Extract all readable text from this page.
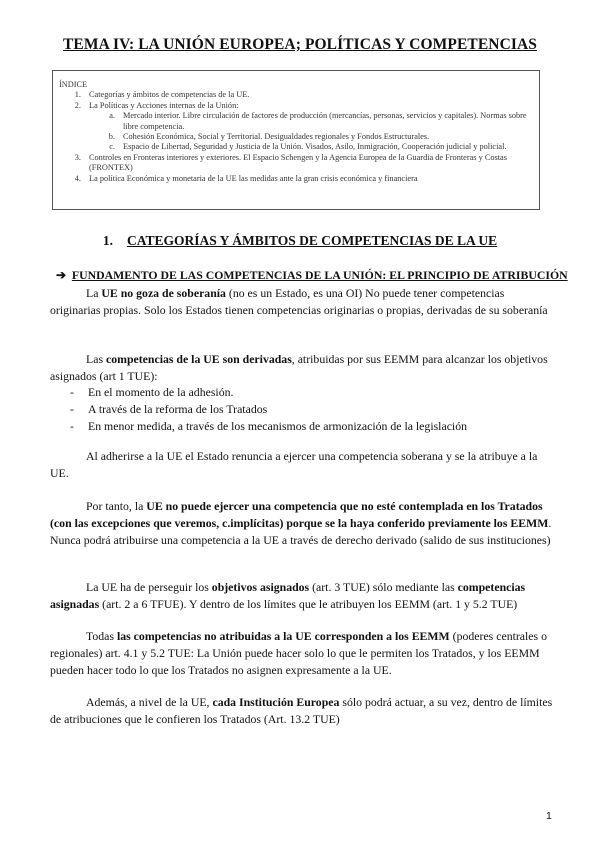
TEMA IV: LA UNIÓN EUROPEA; POLÍTICAS Y COMPETENCIAS
ÍNDICE
1. Categorías y ámbitos de competencias de la UE.
2. La Políticas y Acciones internas de la Unión:
a. Mercado interior. Libre circulación de factores de producción (mercancías, personas, servicios y capitales). Normas sobre libre competencia.
b. Cohesión Económica, Social y Territorial. Desigualdades regionales y Fondos Estructurales.
c. Espacio de Libertad, Seguridad y Justicia de la Unión. Visados, Asilo, Inmigración, Cooperación judicial y policial.
3. Controles en Fronteras interiores y exteriores. El Espacio Schengen y la Agencia Europea de la Guardia de Fronteras y Costas (FRONTEX)
4. La política Económica y monetaria de la UE las medidas ante la gran crisis económica y financiera
1. CATEGORÍAS Y ÁMBITOS DE COMPETENCIAS DE LA UE
➔ FUNDAMENTO DE LAS COMPETENCIAS DE LA UNIÓN: EL PRINCIPIO DE ATRIBUCIÓN
La UE no goza de soberanía (no es un Estado, es una OI) No puede tener competencias originarias propias. Solo los Estados tienen competencias originarias o propias, derivadas de su soberanía
Las competencias de la UE son derivadas, atribuidas por sus EEMM para alcanzar los objetivos asignados (art 1 TUE):
-	En el momento de la adhesión.
-	A través de la reforma de los Tratados
-	En menor medida, a través de los mecanismos de armonización de la legislación
Al adherirse a la UE el Estado renuncia a ejercer una competencia soberana y se la atribuye a la UE.
Por tanto, la UE no puede ejercer una competencia que no esté contemplada en los Tratados (con las excepciones que veremos, c.implícitas) porque se la haya conferido previamente los EEMM. Nunca podrá atribuirse una competencia a la UE a través de derecho derivado (salido de sus instituciones)
La UE ha de perseguir los objetivos asignados (art. 3 TUE) sólo mediante las competencias asignadas (art. 2 a 6 TFUE). Y dentro de los límites que le atribuyen los EEMM (art. 1 y 5.2 TUE)
Todas las competencias no atribuidas a la UE corresponden a los EEMM (poderes centrales o regionales) art. 4.1 y 5.2 TUE: La Unión puede hacer solo lo que le permiten los Tratados, y los EEMM pueden hacer todo lo que los Tratados no asignen expresamente a la UE.
Además, a nivel de la UE, cada Institución Europea sólo podrá actuar, a su vez, dentro de límites de atribuciones que le confieren los Tratados (Art. 13.2 TUE)
1
